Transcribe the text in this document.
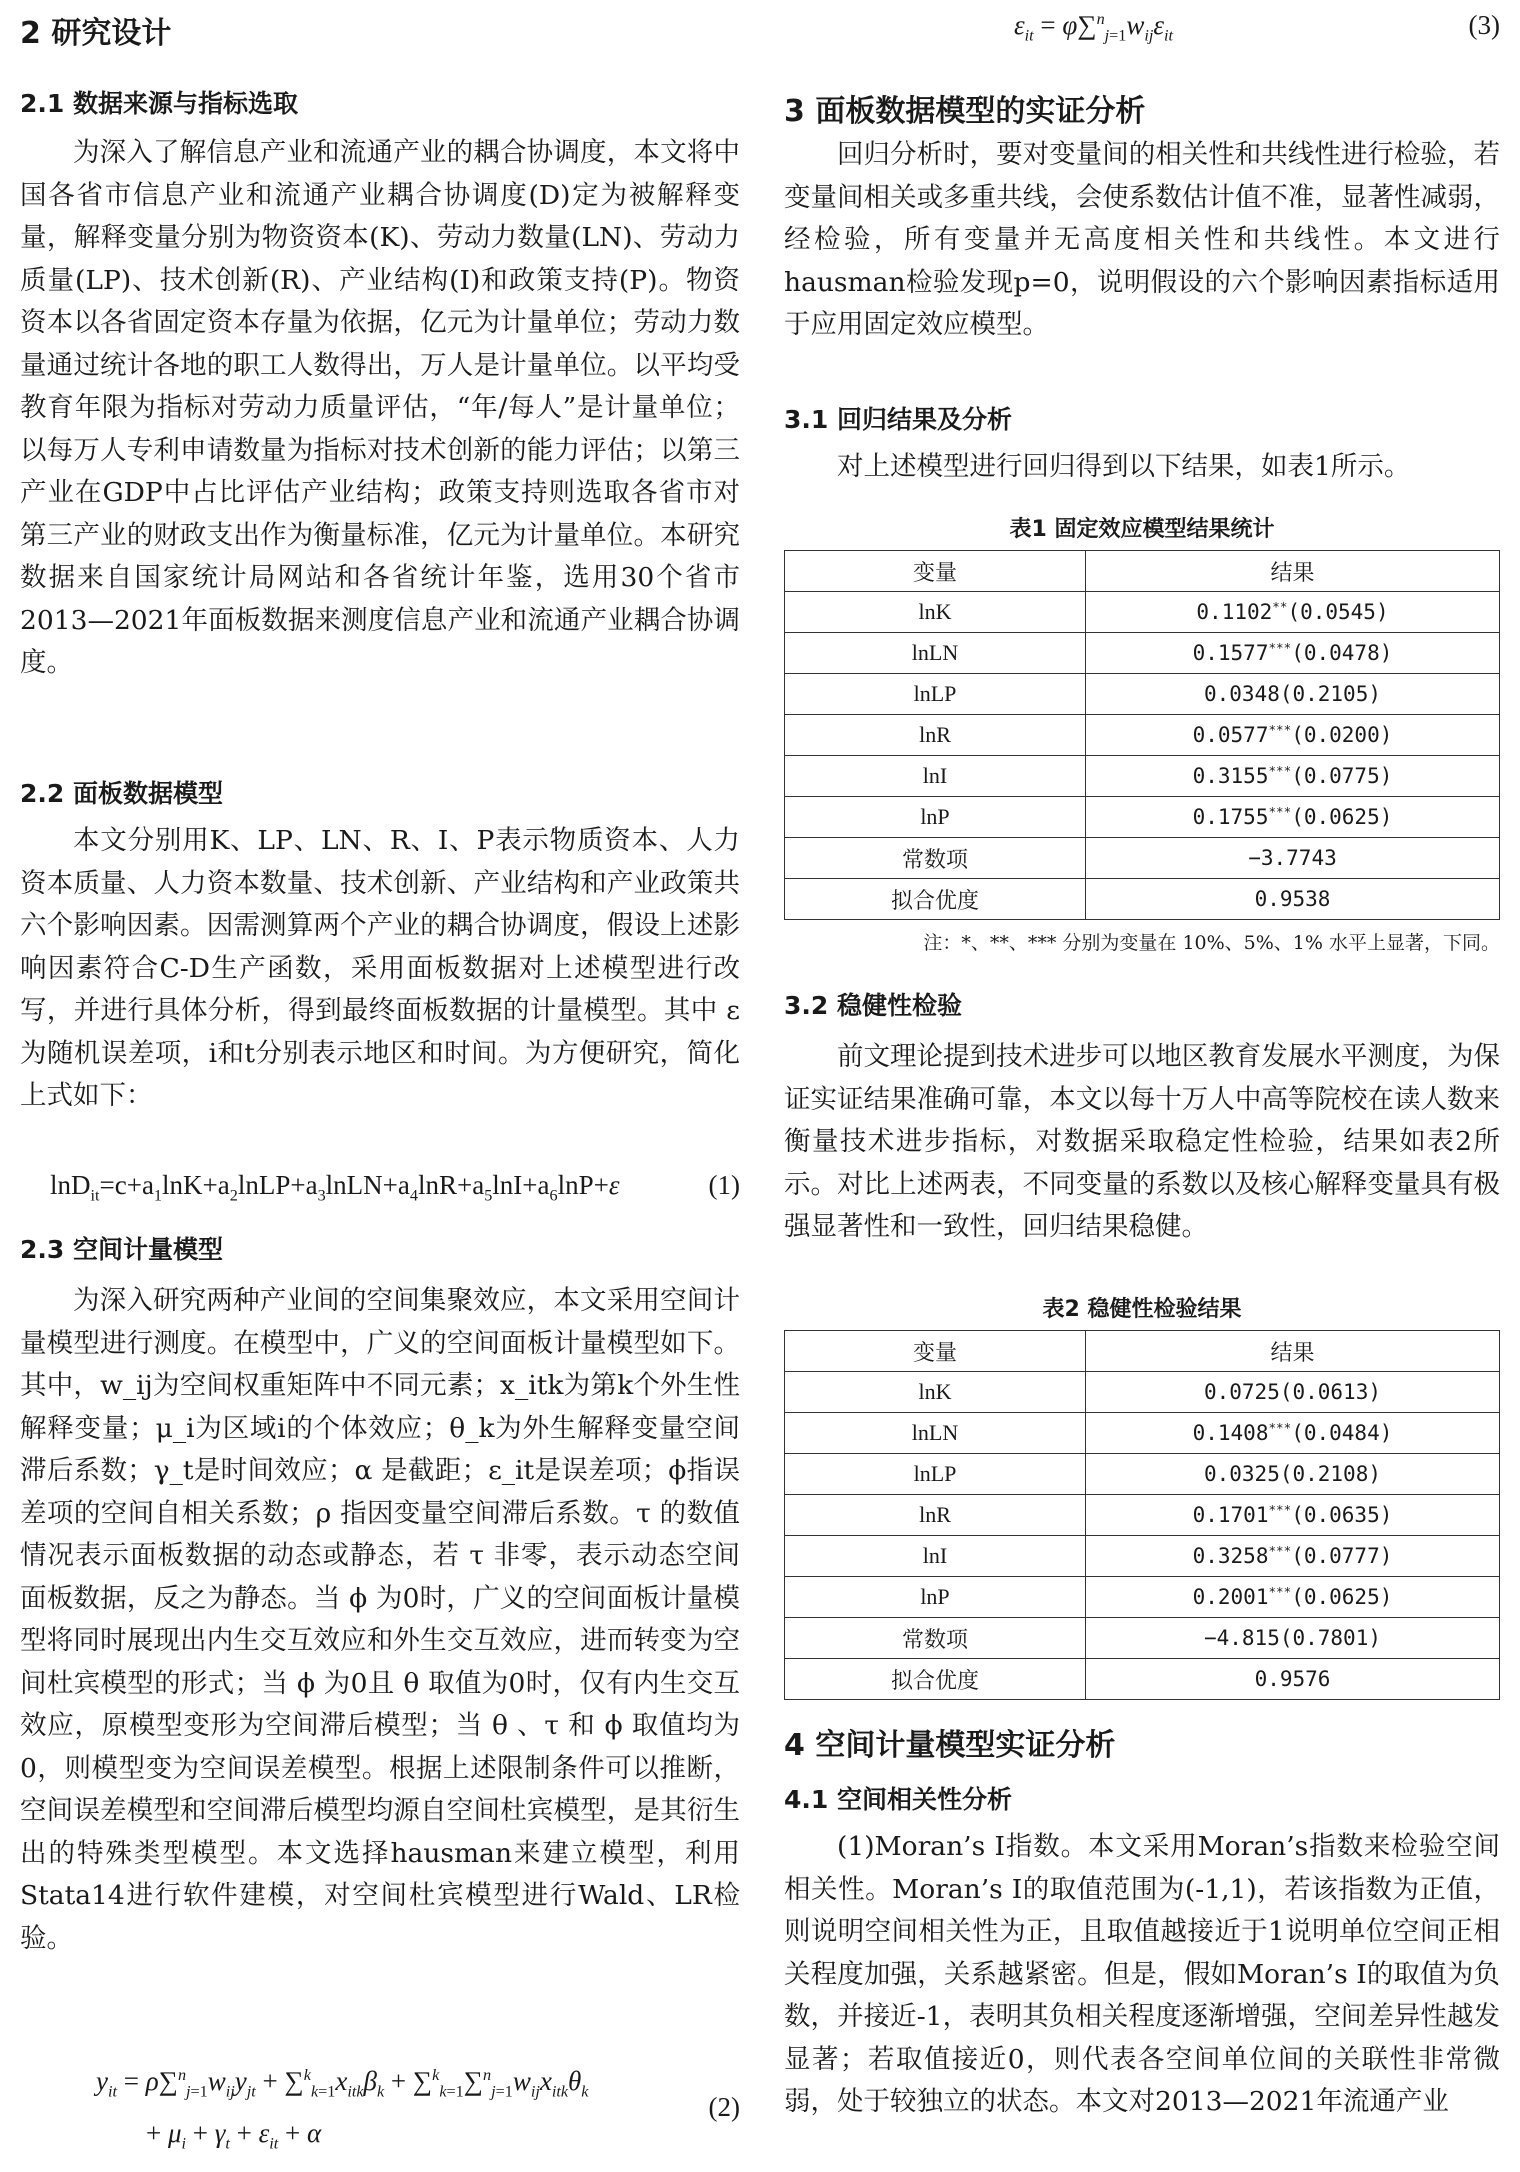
2 研究设计
2.1 数据来源与指标选取

为深入了解信息产业和流通产业的耦合协调度，本文将中国各省市信息产业和流通产业耦合协调度(D)定为被解释变量，解释变量分别为物资资本(K)、劳动力数量(LN)、劳动力质量(LP)、技术创新(R)、产业结构(I)和政策支持(P)。物资资本以各省固定资本存量为依据，亿元为计量单位；劳动力数量通过统计各地的职工人数得出，万人是计量单位。以平均受教育年限为指标对劳动力质量评估，“年/每人”是计量单位；以每万人专利申请数量为指标对技术创新的能力评估；以第三产业在GDP中占比评估产业结构；政策支持则选取各省市对第三产业的财政支出作为衡量标准，亿元为计量单位。本研究数据来自国家统计局网站和各省统计年鉴，选用30个省市2013—2021年面板数据来测度信息产业和流通产业耦合协调度。

2.2 面板数据模型

本文分别用K、LP、LN、R、I、P表示物质资本、人力资本质量、人力资本数量、技术创新、产业结构和产业政策共六个影响因素。因需测算两个产业的耦合协调度，假设上述影响因素符合C-D生产函数，采用面板数据对上述模型进行改写，并进行具体分析，得到最终面板数据的计量模型。其中 ε 为随机误差项，i和t分别表示地区和时间。为方便研究，简化上式如下：

$\ln D_{it}=c+a_1\ln K+a_2lnLP+a_3lnLN+a_4\ln R+a_5\ln I+a_6\ln P+\varepsilon$	(1)
2.3 空间计量模型

为深入研究两种产业间的空间集聚效应，本文采用空间计量模型进行测度。在模型中，广义的空间面板计量模型如下。其中，w_ij为空间权重矩阵中不同元素；x_itk为第k个外生性解释变量；μ_i为区域i的个体效应；θ_k为外生解释变量空间滞后系数；γ_t是时间效应；α 是截距；ε_it是误差项；ϕ指误差项的空间自相关系数；ρ 指因变量空间滞后系数。τ 的数值情况表示面板数据的动态或静态，若 τ 非零，表示动态空间面板数据，反之为静态。当 ϕ 为0时，广义的空间面板计量模型将同时展现出内生交互效应和外生交互效应，进而转变为空间杜宾模型的形式；当 ϕ 为0且 θ 取值为0时，仅有内生交互效应，原模型变形为空间滞后模型；当 θ 、τ 和 ϕ 取值均为0，则模型变为空间误差模型。根据上述限制条件可以推断，空间误差模型和空间滞后模型均源自空间杜宾模型，是其衍生出的特殊类型模型。本文选择hausman来建立模型，利用Stata14进行软件建模，对空间杜宾模型进行Wald、LR检验。

$y_{it} = \rho\sum^n_{j=1}w_{ij}y_{jt} + \sum^k_{k=1}x_{itk}\beta_k + \sum^k_{k=1}\sum^n_{j=1}w_{ij}x_{itk}\theta_k$
(2)
+ $\mu_i + \gamma_t + \varepsilon_{it} + \alpha$
$\varepsilon_{it} = \varphi\sum^n_{j=1}w_{ij}\varepsilon_{it}$	(3)
3 面板数据模型的实证分析

回归分析时，要对变量间的相关性和共线性进行检验，若变量间相关或多重共线，会使系数估计值不准，显著性减弱，经检验，所有变量并无高度相关性和共线性。本文进行hausman检验发现p=0，说明假设的六个影响因素指标适用于应用固定效应模型。

3.1 回归结果及分析

对上述模型进行回归得到以下结果，如表1所示。

表1 固定效应模型结果统计
变量	结果
lnK	0.1102**(0.0545)
lnLN	0.1577***(0.0478)
lnLP	0.0348(0.2105)
lnR	0.0577***(0.0200)
lnI	0.3155***(0.0775)
lnP	0.1755***(0.0625)
常数项	−3.7743
拟合优度	0.9538
注：*、**、*** 分别为变量在 10%、5%、1% 水平上显著，下同。
3.2 稳健性检验

前文理论提到技术进步可以地区教育发展水平测度，为保证实证结果准确可靠，本文以每十万人中高等院校在读人数来衡量技术进步指标，对数据采取稳定性检验，结果如表2所示。对比上述两表，不同变量的系数以及核心解释变量具有极强显著性和一致性，回归结果稳健。

表2 稳健性检验结果
变量	结果
lnK	0.0725(0.0613)
lnLN	0.1408***(0.0484)
lnLP	0.0325(0.2108)
lnR	0.1701***(0.0635)
lnI	0.3258***(0.0777)
lnP	0.2001***(0.0625)
常数项	−4.815(0.7801)
拟合优度	0.9576
4 空间计量模型实证分析
4.1 空间相关性分析

(1)Moran’s I指数。本文采用Moran’s指数来检验空间相关性。Moran’s I的取值范围为(-1,1)，若该指数为正值，则说明空间相关性为正，且取值越接近于1说明单位空间正相关程度加强，关系越紧密。但是，假如Moran’s I的取值为负数，并接近-1，表明其负相关程度逐渐增强，空间差异性越发显著；若取值接近0，则代表各空间单位间的关联性非常微弱，处于较独立的状态。本文对2013—2021年流通产业
